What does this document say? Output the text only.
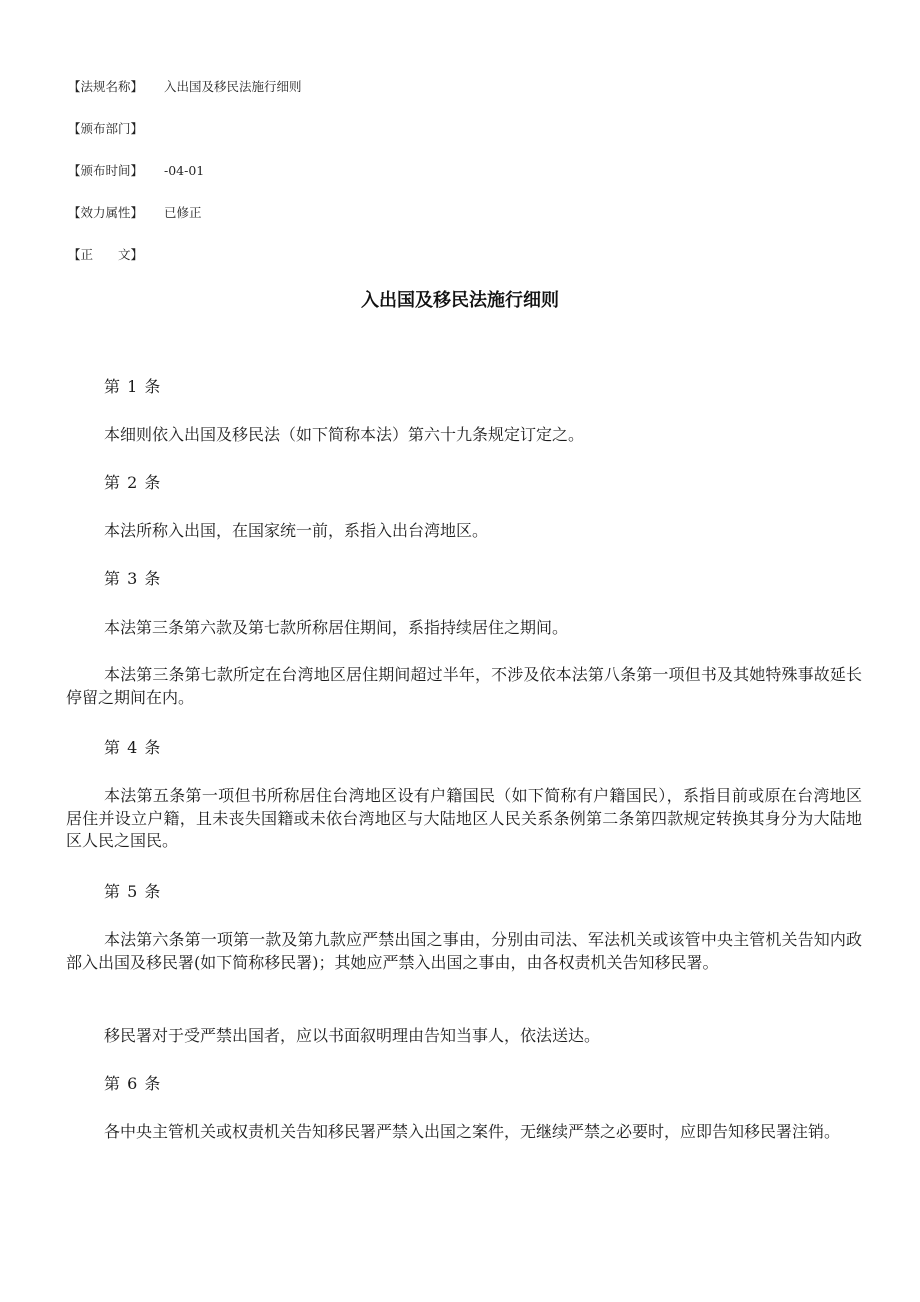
【法规名称】 入出国及移民法施行细则
【颁布部门】
【颁布时间】 -04-01
【效力属性】 已修正
【正　　文】
入出国及移民法施行细则
第 1 条

本细则依入出国及移民法（如下简称本法）第六十九条规定订定之。

第 2 条

本法所称入出国，在国家统一前，系指入出台湾地区。

第 3 条

本法第三条第六款及第七款所称居住期间，系指持续居住之期间。

本法第三条第七款所定在台湾地区居住期间超过半年，不涉及依本法第八条第一项但书及其她特殊事故延长停留之期间在内。

第 4 条

本法第五条第一项但书所称居住台湾地区设有户籍国民（如下简称有户籍国民），系指目前或原在台湾地区居住并设立户籍，且未丧失国籍或未依台湾地区与大陆地区人民关系条例第二条第四款规定转换其身分为大陆地区人民之国民。

第 5 条

本法第六条第一项第一款及第九款应严禁出国之事由，分别由司法、军法机关或该管中央主管机关告知内政部入出国及移民署(如下简称移民署)；其她应严禁入出国之事由，由各权责机关告知移民署。

移民署对于受严禁出国者，应以书面叙明理由告知当事人，依法送达。

第 6 条

各中央主管机关或权责机关告知移民署严禁入出国之案件，无继续严禁之必要时，应即告知移民署注销。
